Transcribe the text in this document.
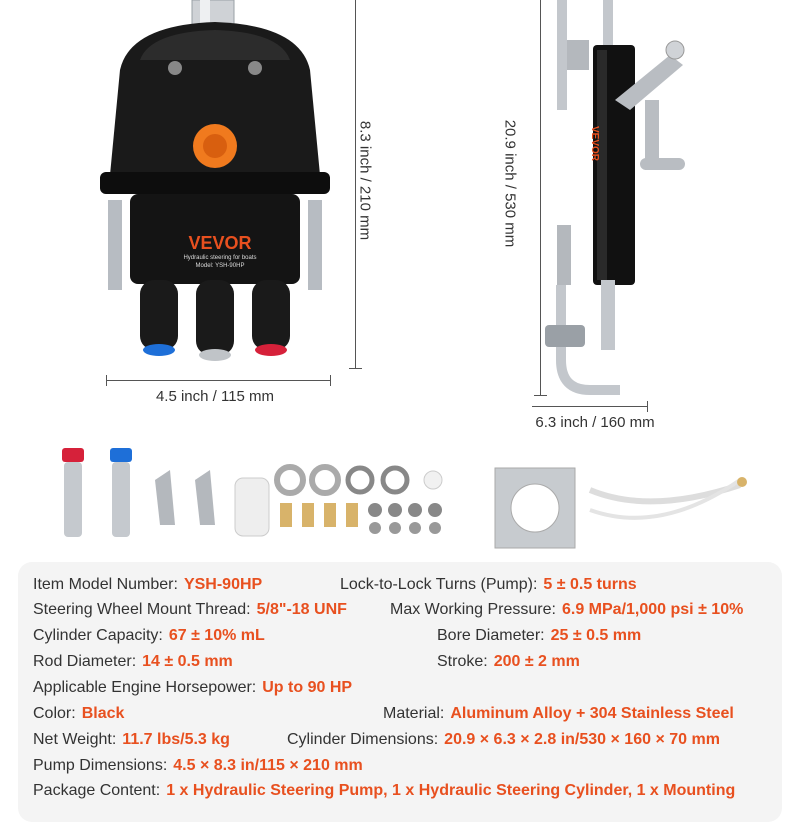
VEVOR
Hydraulic steering for boats
Model: YSH-90HP
8.3 inch / 210 mm
4.5 inch / 115 mm
20.9 inch / 530 mm	VEVOR
6.3 inch / 160 mm
Item Model Number: YSH-90HP	Lock-to-Lock Turns (Pump): 5 ± 0.5 turns
Steering Wheel Mount Thread: 5/8"-18 UNF	Max Working Pressure: 6.9 MPa/1,000 psi ± 10%
Cylinder Capacity: 67 ± 10% mL	Bore Diameter: 25 ± 0.5 mm
Rod Diameter: 14 ± 0.5 mm	Stroke: 200 ± 2 mm
Applicable Engine Horsepower: Up to 90 HP
Color: Black	Material: Aluminum Alloy + 304 Stainless Steel
Net Weight: 11.7 lbs/5.3 kg	Cylinder Dimensions: 20.9 × 6.3 × 2.8 in/530 × 160 × 70 mm
Pump Dimensions: 4.5 × 8.3 in/115 × 210 mm
Package Content: 1 x Hydraulic Steering Pump, 1 x Hydraulic Steering Cylinder, 1 x Mounting
